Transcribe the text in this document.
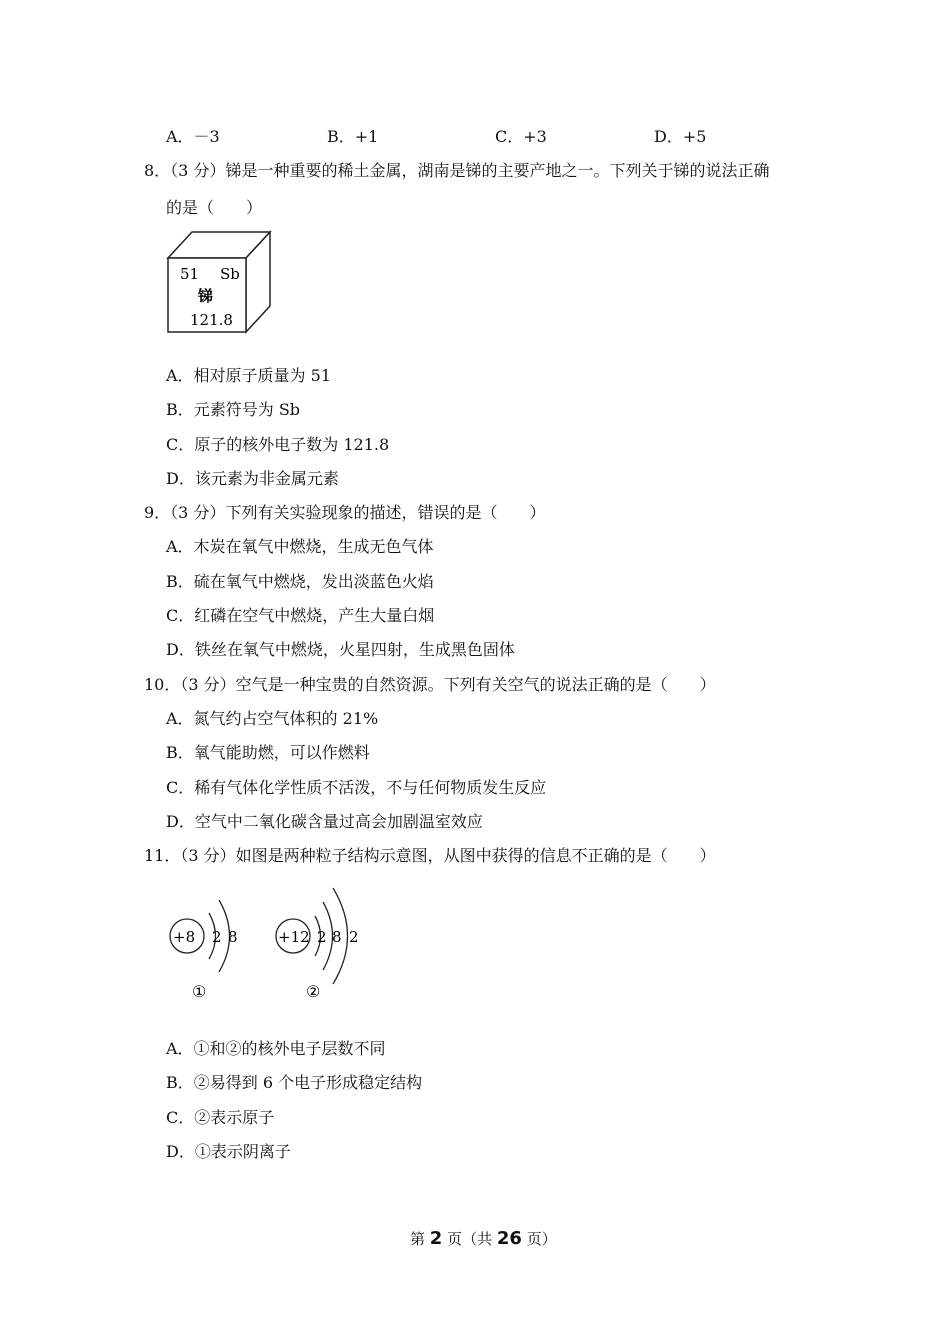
A．－3	B．+1	C．+3	D．+5
8．（3 分）锑是一种重要的稀土金属，湖南是锑的主要产地之一。下列关于锑的说法正确
的是（　　）
51 Sb
锑
121.8
A．相对原子质量为 51
B．元素符号为 Sb
C．原子的核外电子数为 121.8
D．该元素为非金属元素
9．（3 分）下列有关实验现象的描述，错误的是（　　）
A．木炭在氧气中燃烧，生成无色气体
B．硫在氧气中燃烧，发出淡蓝色火焰
C．红磷在空气中燃烧，产生大量白烟
D．铁丝在氧气中燃烧，火星四射，生成黑色固体
10．（3 分）空气是一种宝贵的自然资源。下列有关空气的说法正确的是（　　）
A．氮气约占空气体积的 21%
B．氧气能助燃，可以作燃料
C．稀有气体化学性质不活泼，不与任何物质发生反应
D．空气中二氧化碳含量过高会加剧温室效应
11．（3 分）如图是两种粒子结构示意图，从图中获得的信息不正确的是（　　）
+8 2 8
①
+12 2 8 2
②
A．①和②的核外电子层数不同
B．②易得到 6 个电子形成稳定结构
C．②表示原子
D．①表示阴离子
第 2 页（共 26 页）
